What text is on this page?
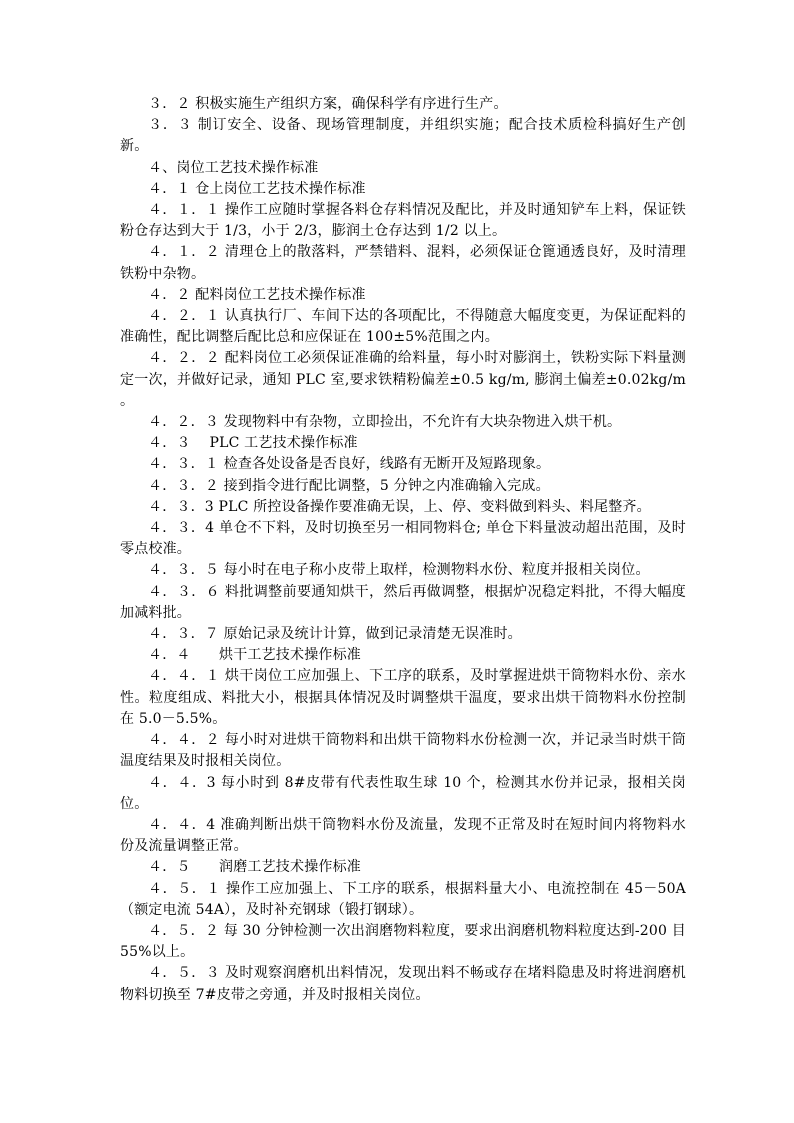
３．２ 积极实施生产组织方案，确保科学有序进行生产。

３．３ 制订安全、设备、现场管理制度，并组织实施；配合技术质检科搞好生产创新。

４、岗位工艺技术操作标准

４．１ 仓上岗位工艺技术操作标准

４．１．１ 操作工应随时掌握各料仓存料情况及配比，并及时通知铲车上料，保证铁粉仓存达到大于 1/3，小于 2/3，膨润土仓存达到 1/2 以上。

４．１．２ 清理仓上的散落料，严禁错料、混料，必须保证仓篦通透良好，及时清理铁粉中杂物。

４．２ 配料岗位工艺技术操作标准

４．２．１ 认真执行厂、车间下达的各项配比，不得随意大幅度变更，为保证配料的准确性，配比调整后配比总和应保证在 100±5%范围之内。

４．２．２ 配料岗位工必须保证准确的给料量，每小时对膨润土，铁粉实际下料量测定一次，并做好记录，通知 PLC 室,要求铁精粉偏差±0.5 kg/m, 膨润土偏差±0.02kg/m 。

４．２．３ 发现物料中有杂物，立即捡出，不允许有大块杂物进入烘干机。

４．３　 PLC 工艺技术操作标准

４．３．１ 检查各处设备是否良好，线路有无断开及短路现象。

４．３．２ 接到指令进行配比调整，5 分钟之内准确输入完成。

４．３．3 PLC 所控设备操作要准确无误，上、停、变料做到料头、料尾整齐。

４．３．4 单仓不下料，及时切换至另一相同物料仓; 单仓下料量波动超出范围，及时零点校准。

４．３．５ 每小时在电子称小皮带上取样，检测物料水份、粒度并报相关岗位。

４．３．６ 料批调整前要通知烘干，然后再做调整，根据炉况稳定料批，不得大幅度加减料批。

４．３．７ 原始记录及统计计算，做到记录清楚无误准时。

４．４　　烘干工艺技术操作标准

４．４．１ 烘干岗位工应加强上、下工序的联系，及时掌握进烘干筒物料水份、亲水性。粒度组成、料批大小，根据具体情况及时调整烘干温度，要求出烘干筒物料水份控制在 5.0－5.5%。

４．４．２ 每小时对进烘干筒物料和出烘干筒物料水份检测一次，并记录当时烘干筒温度结果及时报相关岗位。

４．４．3 每小时到 8#皮带有代表性取生球 10 个，检测其水份并记录，报相关岗位。

４．４．4 准确判断出烘干筒物料水份及流量，发现不正常及时在短时间内将物料水份及流量调整正常。

４．５　　润磨工艺技术操作标准

４．５．１ 操作工应加强上、下工序的联系，根据料量大小、电流控制在 45－50A（额定电流 54A），及时补充钢球（锻打钢球）。

４．５．２ 每 30 分钟检测一次出润磨物料粒度，要求出润磨机物料粒度达到-200 目 55%以上。

４．５．３ 及时观察润磨机出料情况，发现出料不畅或存在堵料隐患及时将进润磨机物料切换至 7#皮带之旁通，并及时报相关岗位。
